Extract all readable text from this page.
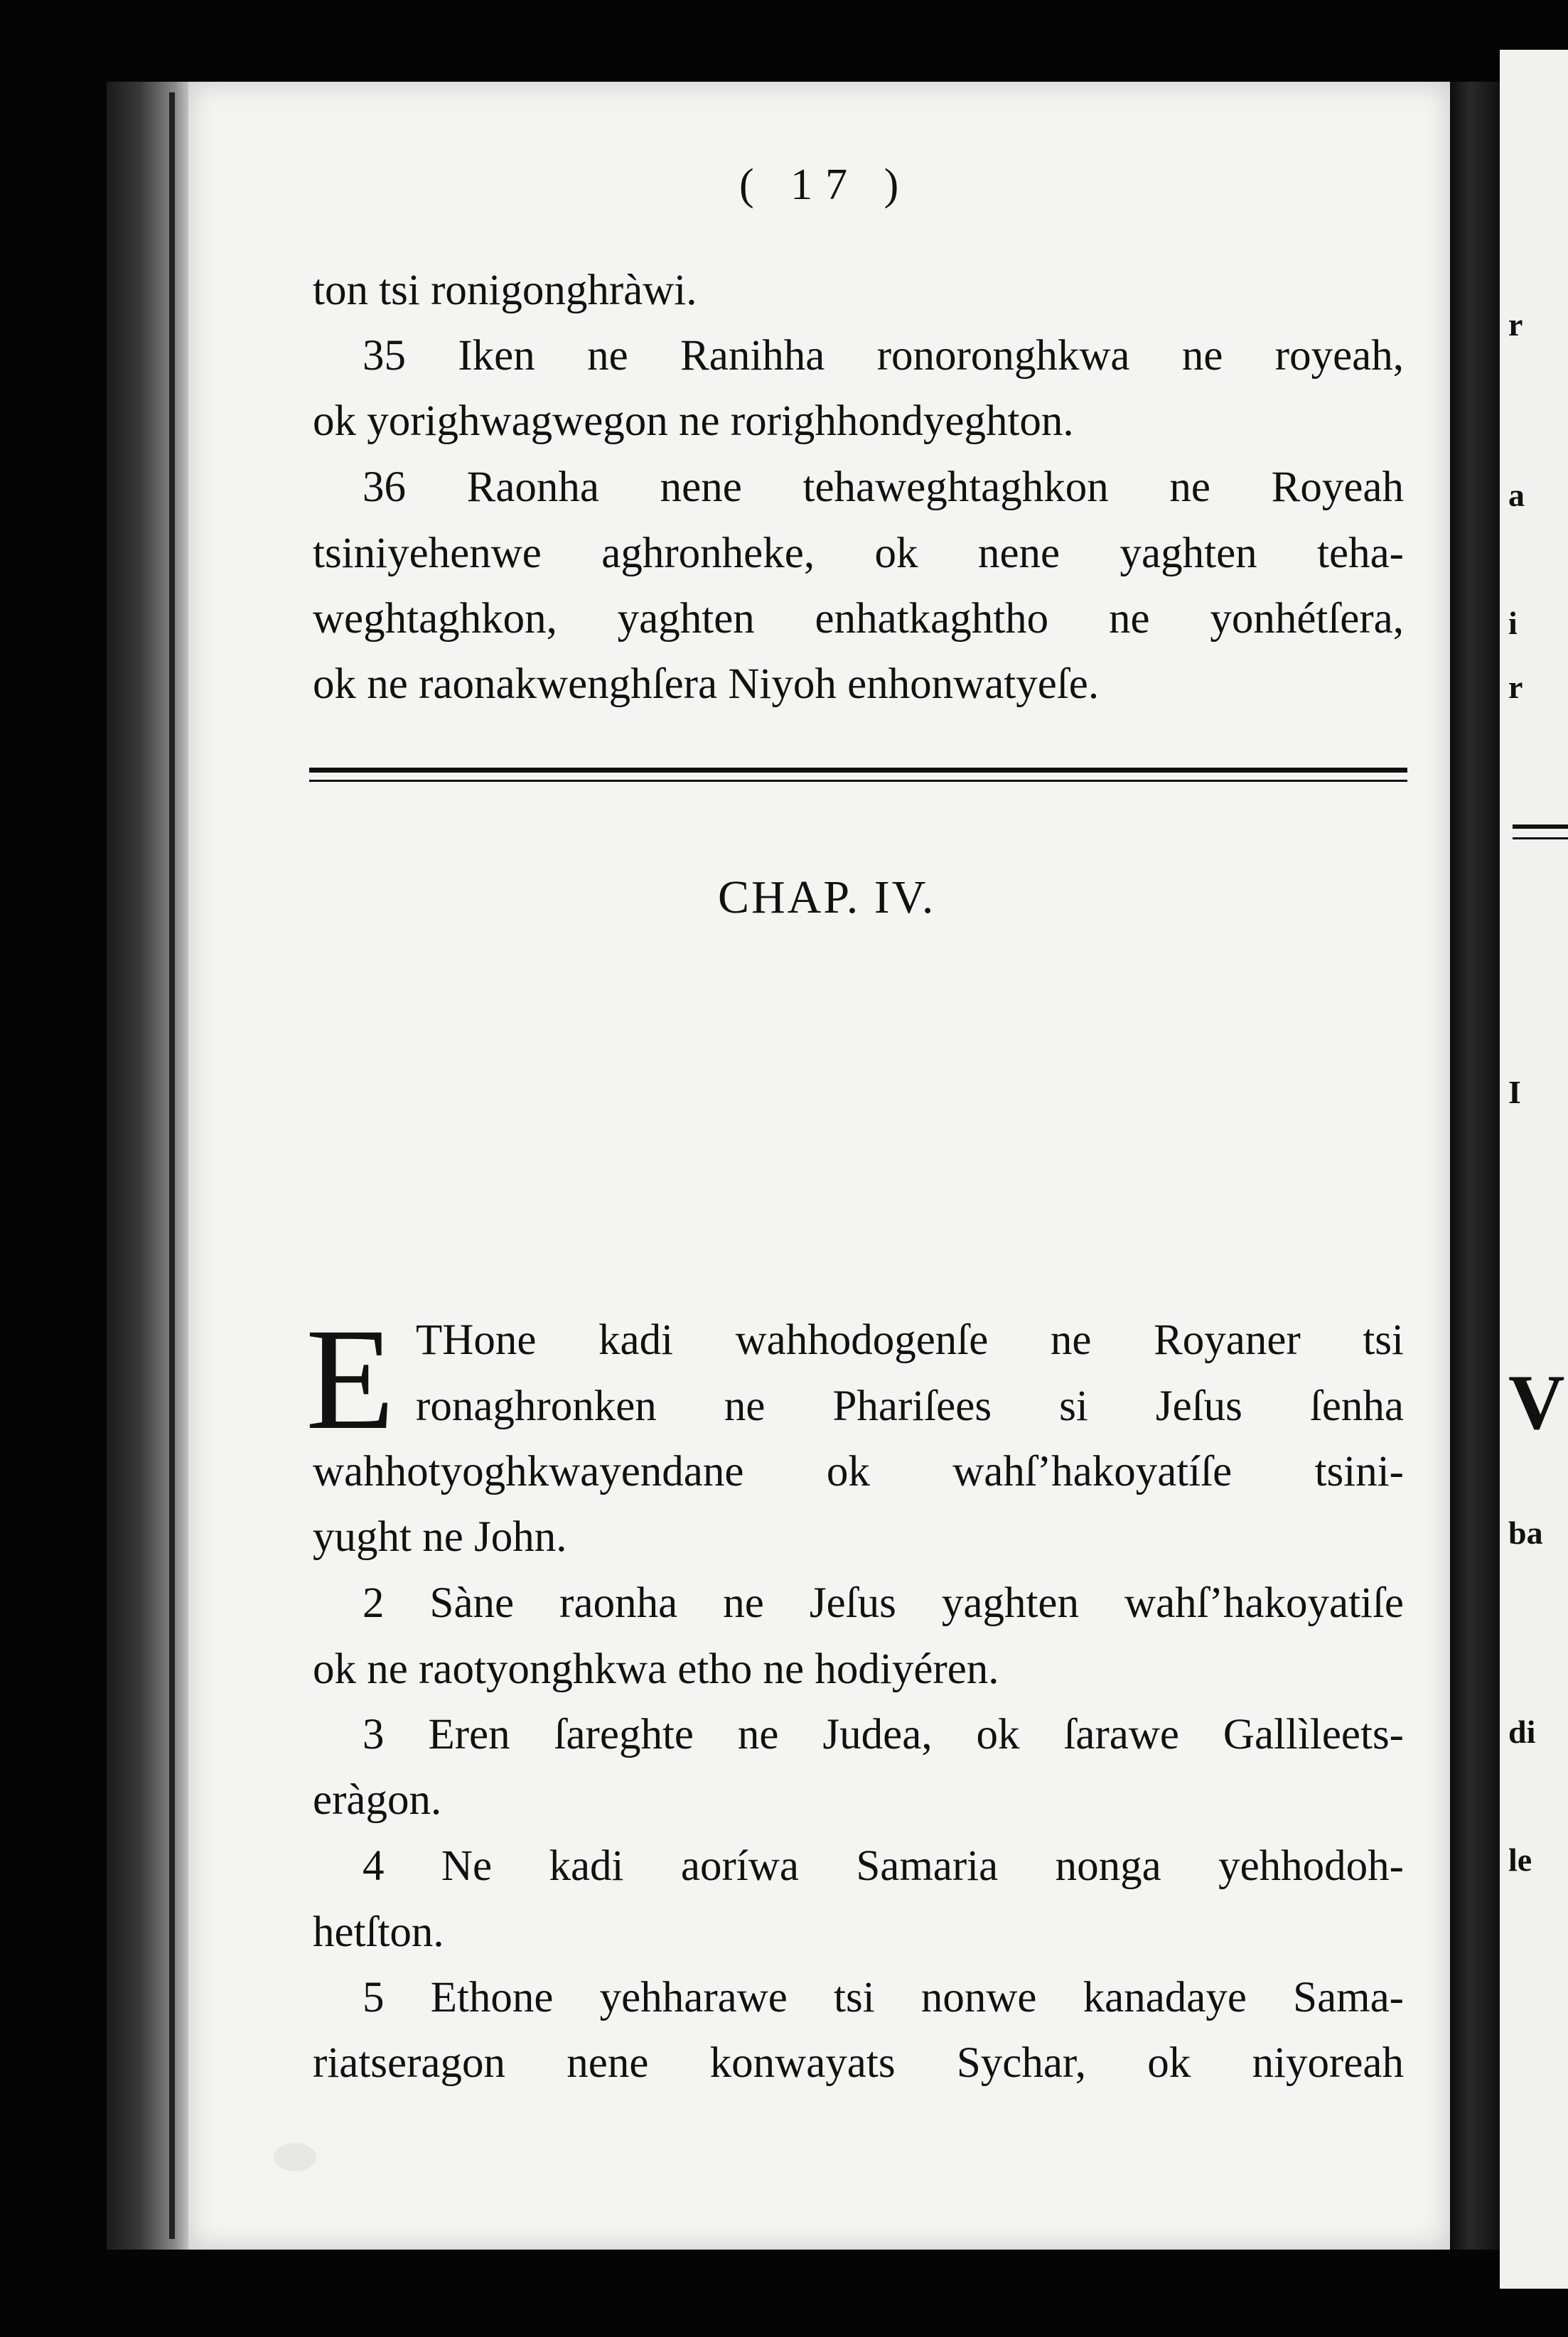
r
a
i
r
I
V
ba
di
le
( 17 )
ton tsi ronigonghràwi.
35 Iken ne Ranihha ronoronghkwa ne royeah,
ok yorighwagwegon ne rorighhondyeghton.
36 Raonha nene tehaweghtaghkon ne Royeah
tsiniyehenwe aghronheke, ok nene yaghten teha-
weghtaghkon, yaghten enhatkaghtho ne yonhétſera,
ok ne raonakwenghſera Niyoh enhonwatyeſe.
CHAP. IV.
E THone kadi wahhodogenſe ne Royaner tsi
ronaghronken ne Phariſees si Jeſus ſenha
wahhotyoghkwayendane ok wahſ’hakoyatíſe tsini-
yught ne John.
2 Sàne raonha ne Jeſus yaghten wahſ’hakoyatiſe
ok ne raotyonghkwa etho ne hodiyéren.
3 Eren ſareghte ne Judea, ok ſarawe Gallìleets-
eràgon.
4 Ne kadi aoríwa Samaria nonga yehhodoh-
hetſton.
5 Ethone yehharawe tsi nonwe kanadaye Sama-
riatseragon nene konwayats Sychar, ok niyoreah
